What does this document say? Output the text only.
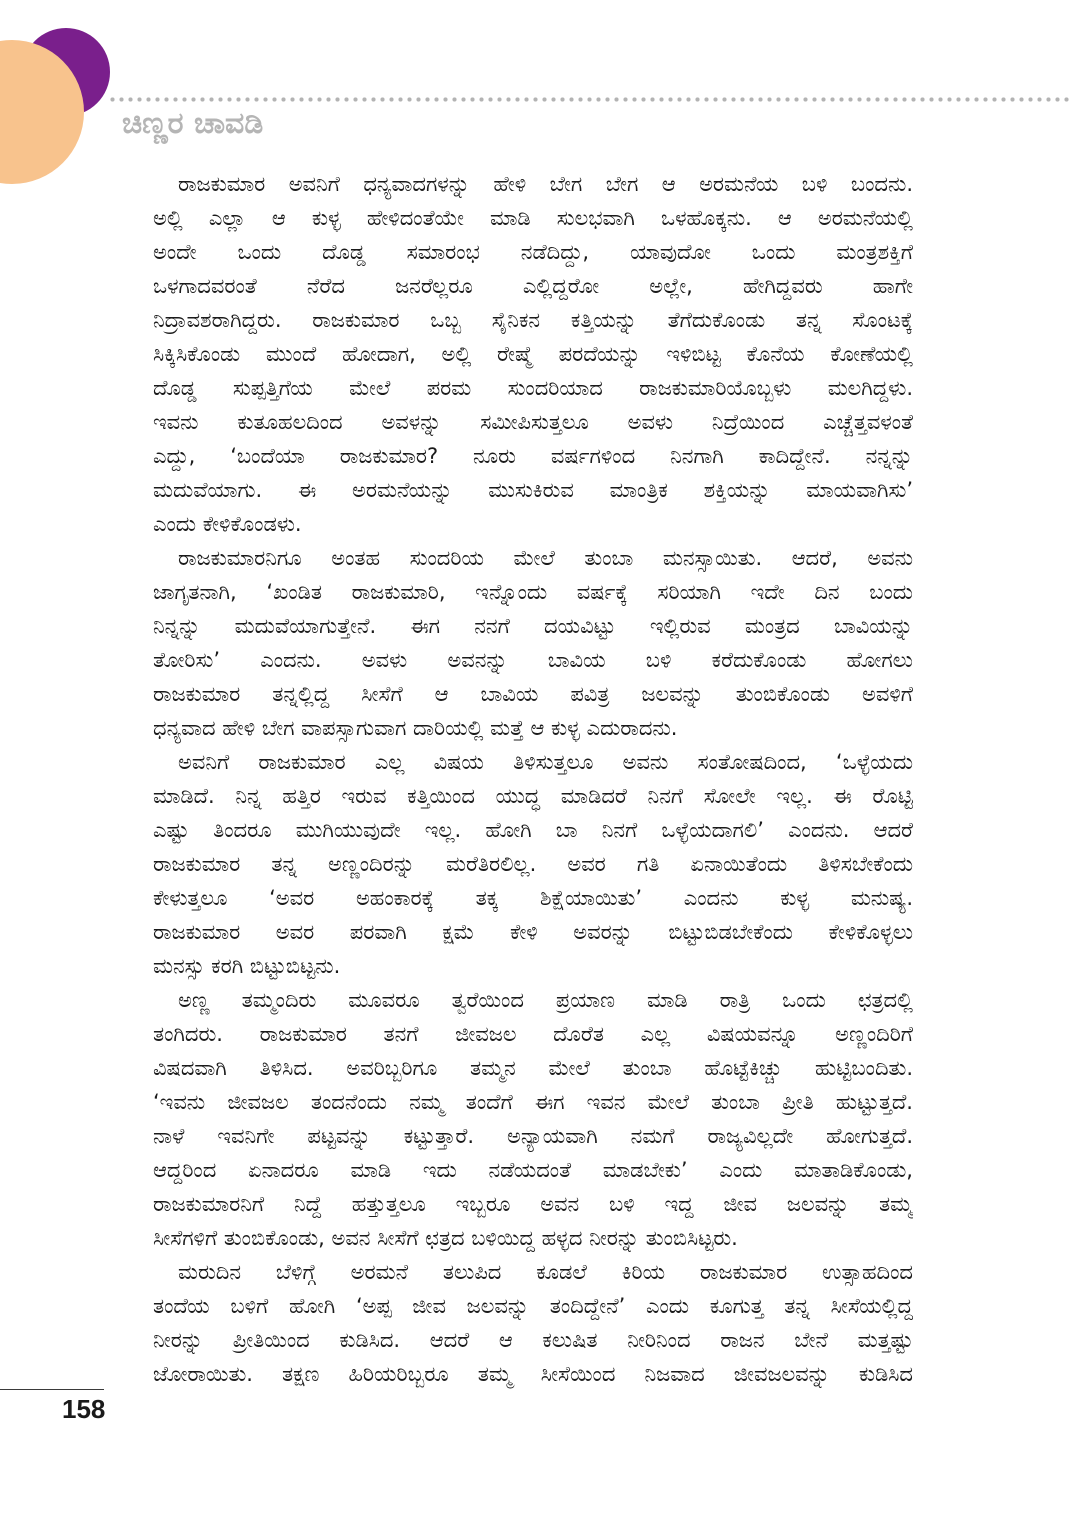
ಚಿಣ್ಣರ ಚಾವಡಿ
ರಾಜಕುಮಾರ ಅವನಿಗೆ ಧನ್ಯವಾದಗಳನ್ನು ಹೇಳಿ ಬೇಗ ಬೇಗ ಆ ಅರಮನೆಯ ಬಳಿ ಬಂದನು.
ಅಲ್ಲಿ ಎಲ್ಲಾ ಆ ಕುಳ್ಳ ಹೇಳಿದಂತೆಯೇ ಮಾಡಿ ಸುಲಭವಾಗಿ ಒಳಹೊಕ್ಕನು. ಆ ಅರಮನೆಯಲ್ಲಿ
ಅಂದೇ ಒಂದು ದೊಡ್ಡ ಸಮಾರಂಭ ನಡೆದಿದ್ದು, ಯಾವುದೋ ಒಂದು ಮಂತ್ರಶಕ್ತಿಗೆ
ಒಳಗಾದವರಂತೆ ನೆರೆದ ಜನರೆಲ್ಲರೂ ಎಲ್ಲಿದ್ದರೋ ಅಲ್ಲೇ, ಹೇಗಿದ್ದವರು ಹಾಗೇ
ನಿದ್ರಾವಶರಾಗಿದ್ದರು. ರಾಜಕುಮಾರ ಒಬ್ಬ ಸೈನಿಕನ ಕತ್ತಿಯನ್ನು ತೆಗೆದುಕೊಂಡು ತನ್ನ ಸೊಂಟಕ್ಕೆ
ಸಿಕ್ಕಿಸಿಕೊಂಡು ಮುಂದೆ ಹೋದಾಗ, ಅಲ್ಲಿ ರೇಷ್ಮೆ ಪರದೆಯನ್ನು ಇಳಿಬಿಟ್ಟ ಕೊನೆಯ ಕೋಣೆಯಲ್ಲಿ
ದೊಡ್ಡ ಸುಪ್ಪತ್ತಿಗೆಯ ಮೇಲೆ ಪರಮ ಸುಂದರಿಯಾದ ರಾಜಕುಮಾರಿಯೊಬ್ಬಳು ಮಲಗಿದ್ದಳು.
ಇವನು ಕುತೂಹಲದಿಂದ ಅವಳನ್ನು ಸಮೀಪಿಸುತ್ತಲೂ ಅವಳು ನಿದ್ರೆಯಿಂದ ಎಚ್ಚೆತ್ತವಳಂತೆ
ಎದ್ದು, ‘ಬಂದೆಯಾ ರಾಜಕುಮಾರ? ನೂರು ವರ್ಷಗಳಿಂದ ನಿನಗಾಗಿ ಕಾದಿದ್ದೇನೆ. ನನ್ನನ್ನು
ಮದುವೆಯಾಗು. ಈ ಅರಮನೆಯನ್ನು ಮುಸುಕಿರುವ ಮಾಂತ್ರಿಕ ಶಕ್ತಿಯನ್ನು ಮಾಯವಾಗಿಸು’
ಎಂದು ಕೇಳಿಕೊಂಡಳು.
ರಾಜಕುಮಾರನಿಗೂ ಅಂತಹ ಸುಂದರಿಯ ಮೇಲೆ ತುಂಬಾ ಮನಸ್ಸಾಯಿತು. ಆದರೆ, ಅವನು
ಜಾಗೃತನಾಗಿ, ‘ಖಂಡಿತ ರಾಜಕುಮಾರಿ, ಇನ್ನೊಂದು ವರ್ಷಕ್ಕೆ ಸರಿಯಾಗಿ ಇದೇ ದಿನ ಬಂದು
ನಿನ್ನನ್ನು ಮದುವೆಯಾಗುತ್ತೇನೆ. ಈಗ ನನಗೆ ದಯವಿಟ್ಟು ಇಲ್ಲಿರುವ ಮಂತ್ರದ ಬಾವಿಯನ್ನು
ತೋರಿಸು’ ಎಂದನು. ಅವಳು ಅವನನ್ನು ಬಾವಿಯ ಬಳಿ ಕರೆದುಕೊಂಡು ಹೋಗಲು
ರಾಜಕುಮಾರ ತನ್ನಲ್ಲಿದ್ದ ಸೀಸೆಗೆ ಆ ಬಾವಿಯ ಪವಿತ್ರ ಜಲವನ್ನು ತುಂಬಿಕೊಂಡು ಅವಳಿಗೆ
ಧನ್ಯವಾದ ಹೇಳಿ ಬೇಗ ವಾಪಸ್ಸಾಗುವಾಗ ದಾರಿಯಲ್ಲಿ ಮತ್ತೆ ಆ ಕುಳ್ಳ ಎದುರಾದನು.
ಅವನಿಗೆ ರಾಜಕುಮಾರ ಎಲ್ಲ ವಿಷಯ ತಿಳಿಸುತ್ತಲೂ ಅವನು ಸಂತೋಷದಿಂದ, ‘ಒಳ್ಳೆಯದು
ಮಾಡಿದೆ. ನಿನ್ನ ಹತ್ತಿರ ಇರುವ ಕತ್ತಿಯಿಂದ ಯುದ್ಧ ಮಾಡಿದರೆ ನಿನಗೆ ಸೋಲೇ ಇಲ್ಲ. ಈ ರೊಟ್ಟಿ
ಎಷ್ಟು ತಿಂದರೂ ಮುಗಿಯುವುದೇ ಇಲ್ಲ. ಹೋಗಿ ಬಾ ನಿನಗೆ ಒಳ್ಳೆಯದಾಗಲಿ’ ಎಂದನು. ಆದರೆ
ರಾಜಕುಮಾರ ತನ್ನ ಅಣ್ಣಂದಿರನ್ನು ಮರೆತಿರಲಿಲ್ಲ. ಅವರ ಗತಿ ಏನಾಯಿತೆಂದು ತಿಳಿಸಬೇಕೆಂದು
ಕೇಳುತ್ತಲೂ ‘ಅವರ ಅಹಂಕಾರಕ್ಕೆ ತಕ್ಕ ಶಿಕ್ಷೆಯಾಯಿತು’ ಎಂದನು ಕುಳ್ಳ ಮನುಷ್ಯ.
ರಾಜಕುಮಾರ ಅವರ ಪರವಾಗಿ ಕ್ಷಮೆ ಕೇಳಿ ಅವರನ್ನು ಬಿಟ್ಟುಬಿಡಬೇಕೆಂದು ಕೇಳಿಕೊಳ್ಳಲು
ಮನಸ್ಸು ಕರಗಿ ಬಿಟ್ಟುಬಿಟ್ಟನು.
ಅಣ್ಣ ತಮ್ಮಂದಿರು ಮೂವರೂ ತ್ವರೆಯಿಂದ ಪ್ರಯಾಣ ಮಾಡಿ ರಾತ್ರಿ ಒಂದು ಛತ್ರದಲ್ಲಿ
ತಂಗಿದರು. ರಾಜಕುಮಾರ ತನಗೆ ಜೀವಜಲ ದೊರೆತ ಎಲ್ಲ ವಿಷಯವನ್ನೂ ಅಣ್ಣಂದಿರಿಗೆ
ವಿಷದವಾಗಿ ತಿಳಿಸಿದ. ಅವರಿಬ್ಬರಿಗೂ ತಮ್ಮನ ಮೇಲೆ ತುಂಬಾ ಹೊಟ್ಟೆಕಿಚ್ಚು ಹುಟ್ಟಿಬಂದಿತು.
‘ಇವನು ಜೀವಜಲ ತಂದನೆಂದು ನಮ್ಮ ತಂದೆಗೆ ಈಗ ಇವನ ಮೇಲೆ ತುಂಬಾ ಪ್ರೀತಿ ಹುಟ್ಟುತ್ತದೆ.
ನಾಳೆ ಇವನಿಗೇ ಪಟ್ಟವನ್ನು ಕಟ್ಟುತ್ತಾರೆ. ಅನ್ಯಾಯವಾಗಿ ನಮಗೆ ರಾಜ್ಯವಿಲ್ಲದೇ ಹೋಗುತ್ತದೆ.
ಆದ್ದರಿಂದ ಏನಾದರೂ ಮಾಡಿ ಇದು ನಡೆಯದಂತೆ ಮಾಡಬೇಕು’ ಎಂದು ಮಾತಾಡಿಕೊಂಡು,
ರಾಜಕುಮಾರನಿಗೆ ನಿದ್ದೆ ಹತ್ತುತ್ತಲೂ ಇಬ್ಬರೂ ಅವನ ಬಳಿ ಇದ್ದ ಜೀವ ಜಲವನ್ನು ತಮ್ಮ
ಸೀಸೆಗಳಿಗೆ ತುಂಬಿಕೊಂಡು, ಅವನ ಸೀಸೆಗೆ ಛತ್ರದ ಬಳಿಯಿದ್ದ ಹಳ್ಳದ ನೀರನ್ನು ತುಂಬಿಸಿಟ್ಟರು.
ಮರುದಿನ ಬೆಳಿಗ್ಗೆ ಅರಮನೆ ತಲುಪಿದ ಕೂಡಲೆ ಕಿರಿಯ ರಾಜಕುಮಾರ ಉತ್ಸಾಹದಿಂದ
ತಂದೆಯ ಬಳಿಗೆ ಹೋಗಿ ‘ಅಪ್ಪ ಜೀವ ಜಲವನ್ನು ತಂದಿದ್ದೇನೆ’ ಎಂದು ಕೂಗುತ್ತ ತನ್ನ ಸೀಸೆಯಲ್ಲಿದ್ದ
ನೀರನ್ನು ಪ್ರೀತಿಯಿಂದ ಕುಡಿಸಿದ. ಆದರೆ ಆ ಕಲುಷಿತ ನೀರಿನಿಂದ ರಾಜನ ಬೇನೆ ಮತ್ತಷ್ಟು
ಜೋರಾಯಿತು. ತಕ್ಷಣ ಹಿರಿಯರಿಬ್ಬರೂ ತಮ್ಮ ಸೀಸೆಯಿಂದ ನಿಜವಾದ ಜೀವಜಲವನ್ನು ಕುಡಿಸಿದ
158
